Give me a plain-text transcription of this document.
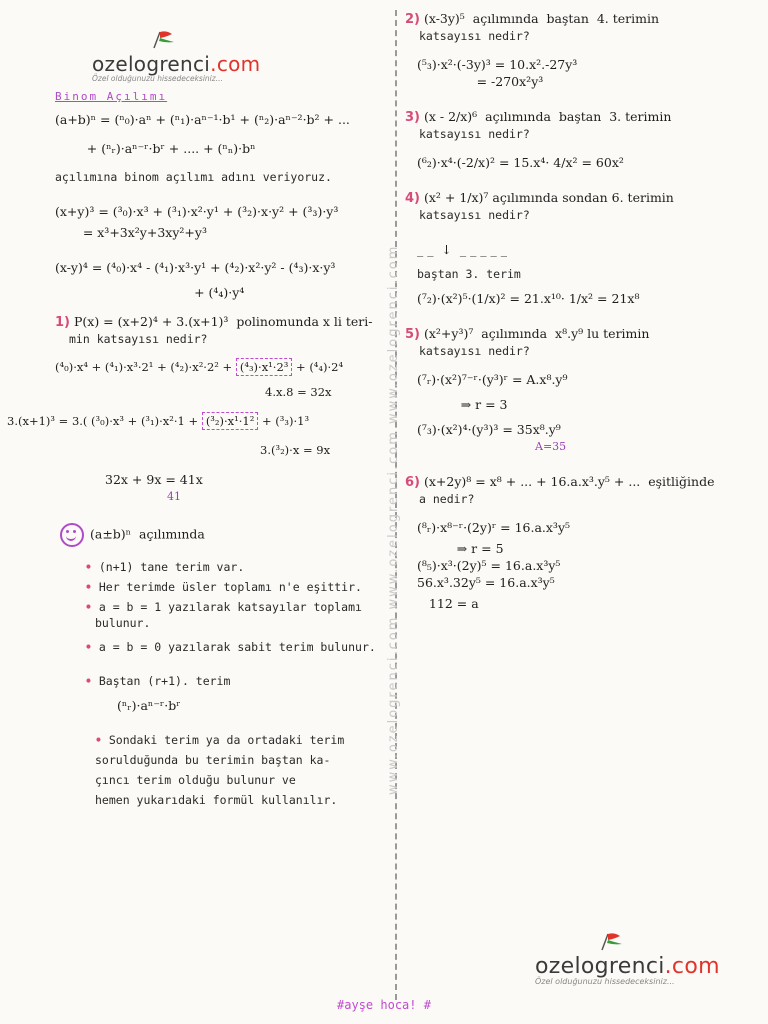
ozelogrenci.com
Özel olduğunuzu hissedeceksiniz...
www.ozelogrenci.com www.ozelogrenci.com www.ozelogrenci.com
Binom Açılımı
(a+b)ⁿ = (ⁿ₀)·aⁿ + (ⁿ₁)·aⁿ⁻¹·b¹ + (ⁿ₂)·aⁿ⁻²·b² + ...
+ (ⁿᵣ)·aⁿ⁻ʳ·bʳ + .... + (ⁿₙ)·bⁿ
açılımına binom açılımı adını veriyoruz.
(x+y)³ = (³₀)·x³ + (³₁)·x²·y¹ + (³₂)·x·y² + (³₃)·y³
= x³+3x²y+3xy²+y³
(x-y)⁴ = (⁴₀)·x⁴ - (⁴₁)·x³·y¹ + (⁴₂)·x²·y² - (⁴₃)·x·y³
+ (⁴₄)·y⁴
1) P(x) = (x+2)⁴ + 3.(x+1)³  polinomunda x li teri-
min katsayısı nedir?
(⁴₀)·x⁴ + (⁴₁)·x³·2¹ + (⁴₂)·x²·2² + (⁴₃)·x¹·2³ + (⁴₄)·2⁴
4.x.8 = 32x
3.(x+1)³ = 3.( (³₀)·x³ + (³₁)·x²·1 + (³₂)·x¹·1² + (³₃)·1³
3.(³₂)·x = 9x
32x + 9x = 41x
41
(a±b)ⁿ  açılımında
• (n+1) tane terim var.
• Her terimde üsler toplamı n'e eşittir.
• a = b = 1 yazılarak katsayılar toplamı
bulunur.
• a = b = 0 yazılarak sabit terim bulunur.
• Baştan (r+1). terim
(ⁿᵣ)·aⁿ⁻ʳ·bʳ
• Sondaki terim ya da ortadaki terim
sorulduğunda bu terimin baştan ka-
çıncı terim olduğu bulunur ve
hemen yukarıdaki formül kullanılır.
2) (x-3y)⁵  açılımında  baştan  4. terimin
katsayısı nedir?
(⁵₃)·x²·(-3y)³ = 10.x².-27y³
= -270x²y³
3) (x - 2/x)⁶  açılımında  baştan  3. terimin
katsayısı nedir?
(⁶₂)·x⁴·(-2/x)² = 15.x⁴· 4/x² = 60x²
4) (x² + 1/x)⁷ açılımında sondan 6. terimin
katsayısı nedir?
_ _  ↓  _ _ _ _ _
baştan 3. terim
(⁷₂)·(x²)⁵·(1/x)² = 21.x¹⁰· 1/x² = 21x⁸
5) (x²+y³)⁷  açılımında  x⁸.y⁹ lu terimin
katsayısı nedir?
(⁷ᵣ)·(x²)⁷⁻ʳ·(y³)ʳ = A.x⁸.y⁹
⇒ r = 3
(⁷₃)·(x²)⁴·(y³)³ = 35x⁸.y⁹
A=35
6) (x+2y)⁸ = x⁸ + ... + 16.a.x³.y⁵ + ...  eşitliğinde
a nedir?
(⁸ᵣ)·x⁸⁻ʳ·(2y)ʳ = 16.a.x³y⁵
⇒ r = 5
(⁸₅)·x³·(2y)⁵ = 16.a.x³y⁵
56.x³.32y⁵ = 16.a.x³y⁵
112 = a
ozelogrenci.com
Özel olduğunuzu hissedeceksiniz...
#ayşe hoca! #
